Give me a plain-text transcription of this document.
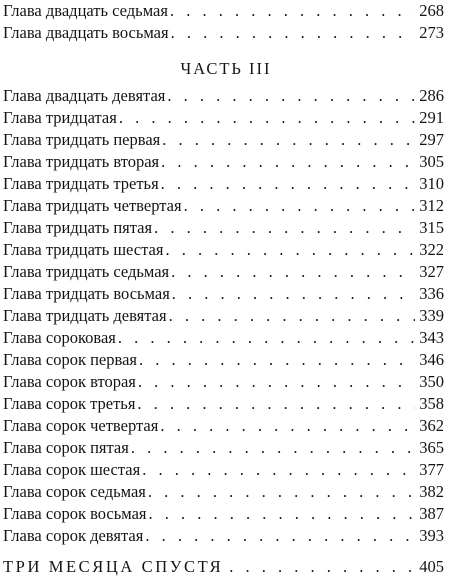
Глава двадцать седьмая . . .	268
Глава двадцать восьмая . . .	273
ЧАСТЬ III
Глава двадцать девятая . . .	286
Глава тридцатая . . .	291
Глава тридцать первая . . .	297
Глава тридцать вторая . . .	305
Глава тридцать третья . . .	310
Глава тридцать четвертая . . .	312
Глава тридцать пятая . . .	315
Глава тридцать шестая . . .	322
Глава тридцать седьмая . . .	327
Глава тридцать восьмая . . .	336
Глава тридцать девятая . . .	339
Глава сороковая . . .	343
Глава сорок первая . . .	346
Глава сорок вторая . . .	350
Глава сорок третья . . .	358
Глава сорок четвертая . . .	362
Глава сорок пятая . . .	365
Глава сорок шестая . . .	377
Глава сорок седьмая . . .	382
Глава сорок восьмая . . .	387
Глава сорок девятая . . .	393
ТРИ МЕСЯЦА СПУСТЯ . . .	405
